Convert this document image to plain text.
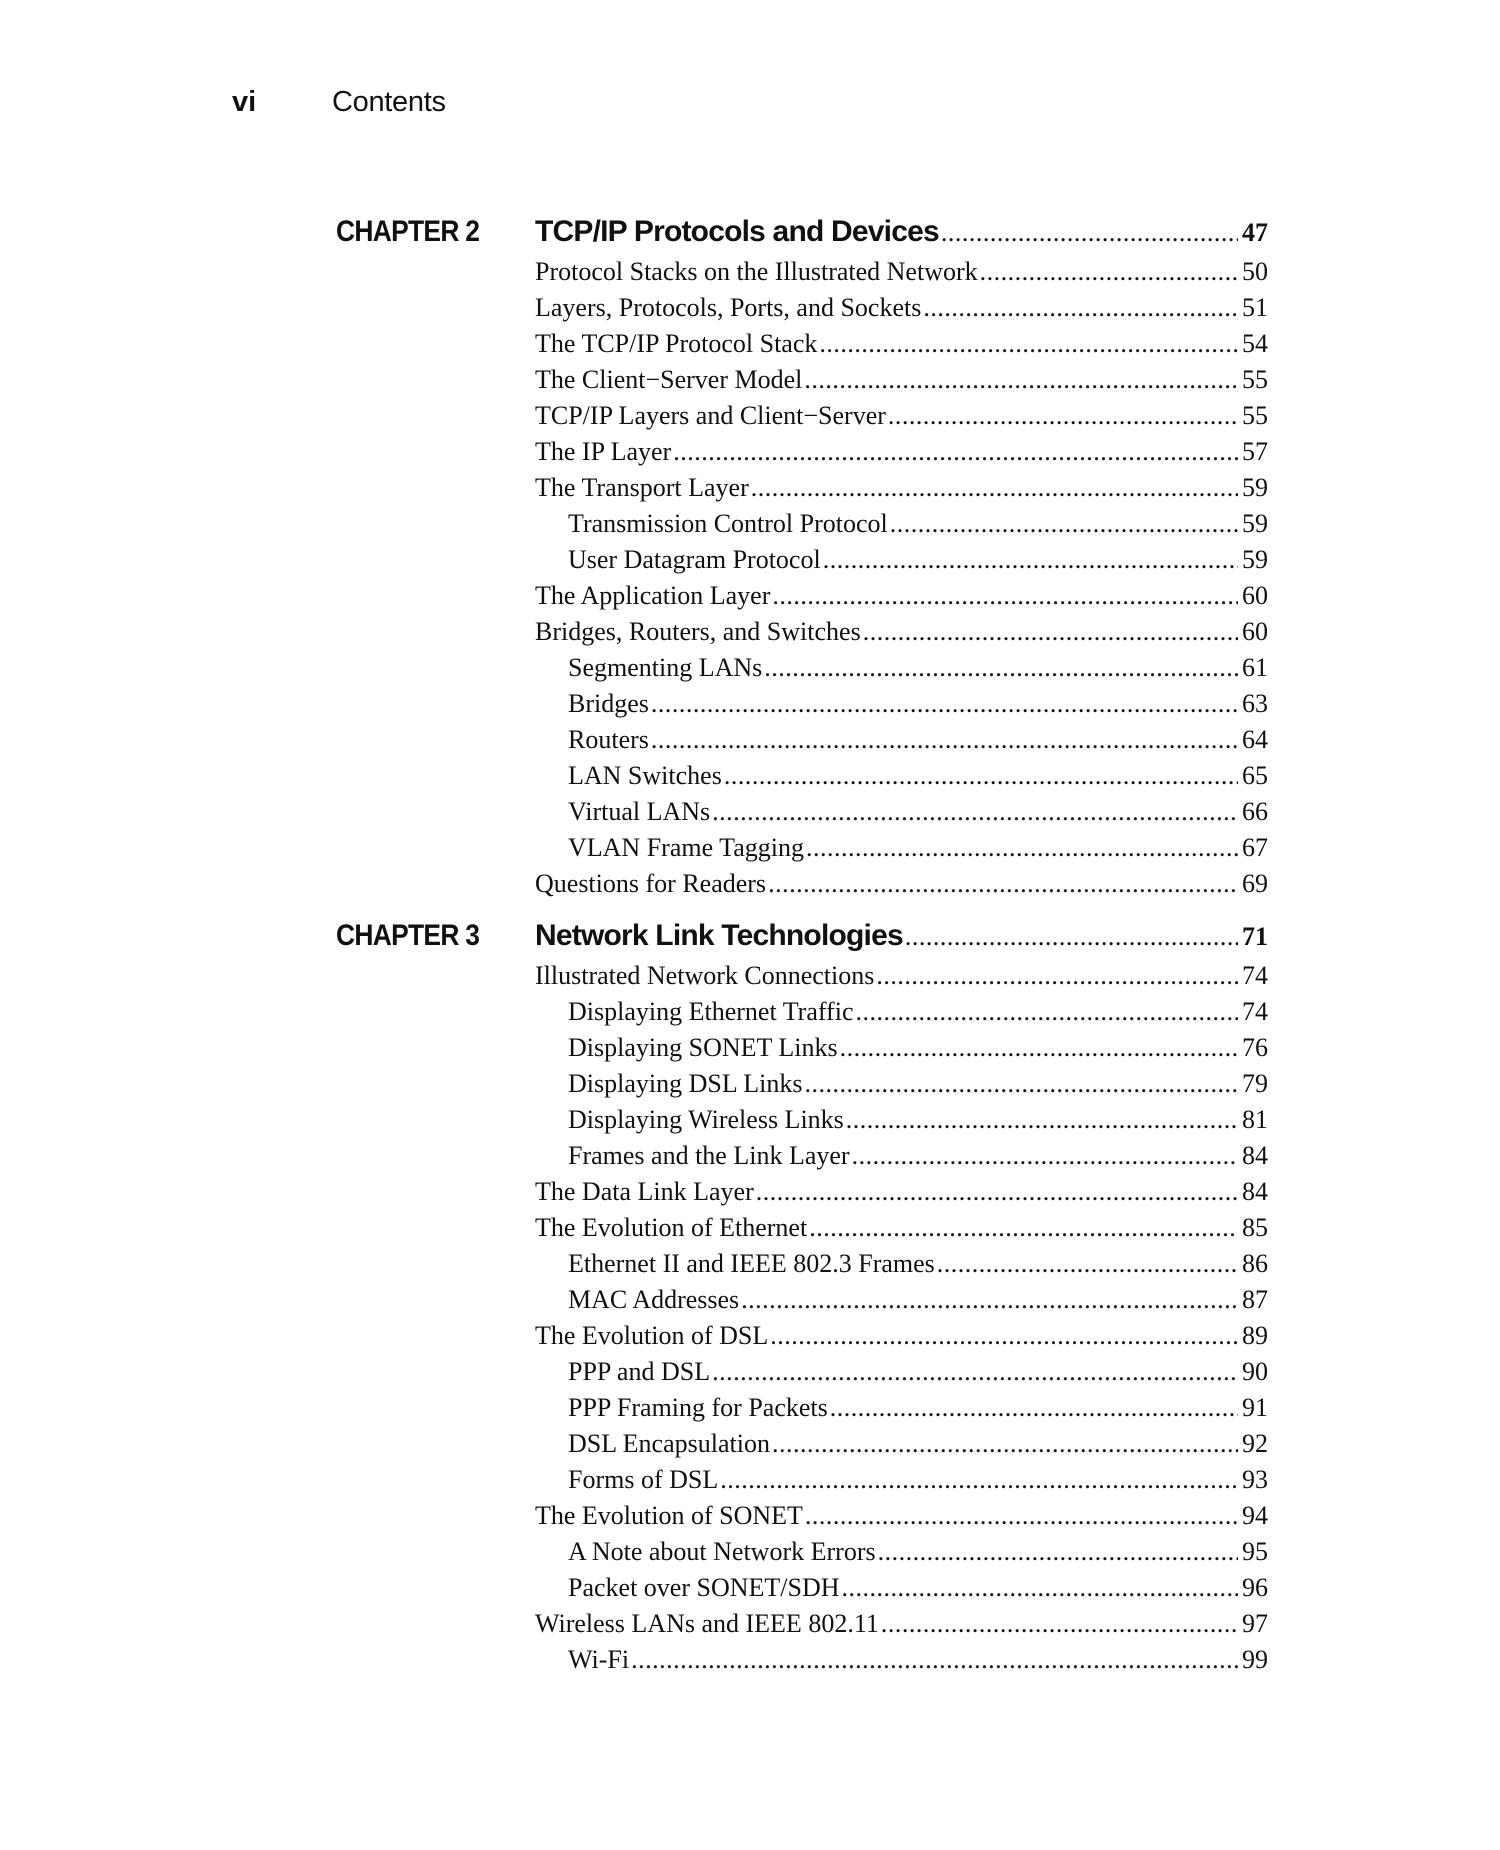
vi	Contents
CHAPTER 2 TCP/IP Protocols and Devices .....	47
Protocol Stacks on the Illustrated Network .....	50
Layers, Protocols, Ports, and Sockets .....	51
The TCP/IP Protocol Stack .....	54
The Client−Server Model .....	55
TCP/IP Layers and Client−Server .....	55
The IP Layer .....	57
The Transport Layer .....	59
Transmission Control Protocol .....	59
User Datagram Protocol .....	59
The Application Layer .....	60
Bridges, Routers, and Switches .....	60
Segmenting LANs .....	61
Bridges .....	63
Routers .....	64
LAN Switches .....	65
Virtual LANs .....	66
VLAN Frame Tagging .....	67
Questions for Readers .....	69
CHAPTER 3 Network Link Technologies .....	71
Illustrated Network Connections .....	74
Displaying Ethernet Traffic .....	74
Displaying SONET Links .....	76
Displaying DSL Links .....	79
Displaying Wireless Links .....	81
Frames and the Link Layer .....	84
The Data Link Layer .....	84
The Evolution of Ethernet .....	85
Ethernet II and IEEE 802.3 Frames .....	86
MAC Addresses .....	87
The Evolution of DSL .....	89
PPP and DSL .....	90
PPP Framing for Packets .....	91
DSL Encapsulation .....	92
Forms of DSL .....	93
The Evolution of SONET .....	94
A Note about Network Errors .....	95
Packet over SONET/SDH .....	96
Wireless LANs and IEEE 802.11 .....	97
Wi-Fi .....	99
